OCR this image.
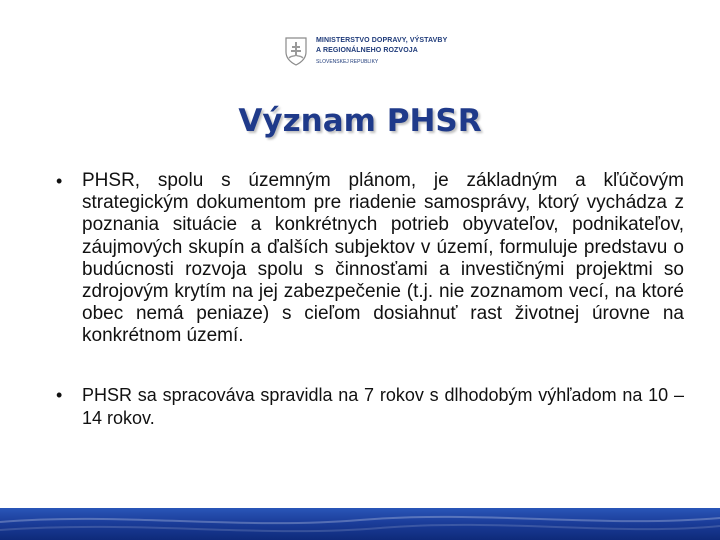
MINISTERSTVO DOPRAVY, VÝSTAVBY
A REGIONÁLNEHO ROZVOJA
SLOVENSKEJ REPUBLIKY
Význam PHSR
• PHSR, spolu s územným plánom, je základným a kľúčovým strategickým dokumentom pre riadenie samosprávy, ktorý vychádza z poznania situácie a konkrétnych potrieb obyvateľov, podnikateľov, záujmových skupín a ďalších subjektov v území, formuluje predstavu o budúcnosti rozvoja spolu s činnosťami a investičnými projektmi so zdrojovým krytím na jej zabezpečenie (t.j. nie zoznamom vecí, na ktoré obec nemá peniaze) s cieľom dosiahnuť rast životnej úrovne na konkrétnom území.
• PHSR sa spracováva spravidla na 7 rokov s dlhodobým výhľadom na 10 – 14 rokov.
